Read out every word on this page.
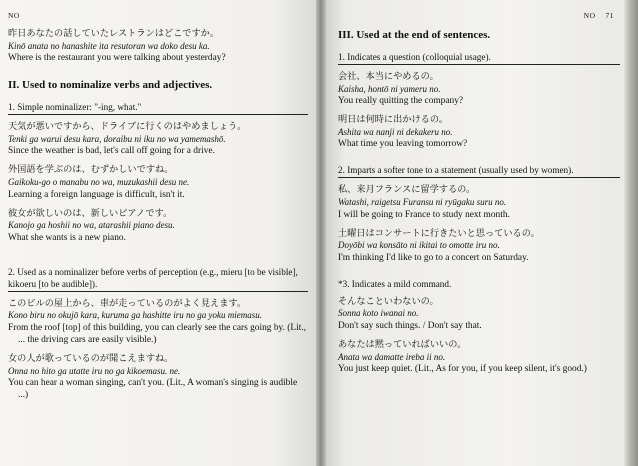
NO
昨日あなたの話していたレストランはどこですか。
Kinō anata no hanashite ita resutoran wa doko desu ka.
Where is the restaurant you were talking about yesterday?
II. Used to nominalize verbs and adjectives.
1. Simple nominalizer: "-ing, what."
天気が悪いですから、ドライブに行くのはやめましょう。
Tenki ga warui desu kara, doraibu ni iku no wa yamemashō.
Since the weather is bad, let's call off going for a drive.
外国語を学ぶのは、むずかしいですね。
Gaikoku-go o manabu no wa, muzukashii desu ne.
Learning a foreign language is difficult, isn't it.
彼女が欲しいのは、新しいピアノです。
Kanojo ga hoshii no wa, atarashii piano desu.
What she wants is a new piano.
2. Used as a nominalizer before verbs of perception (e.g., mieru [to be visible], kikoeru [to be audible]).
このビルの屋上から、車が走っているのがよく見えます。
Kono biru no okujō kara, kuruma ga hashitte iru no ga yoku miemasu.
From the roof [top] of this building, you can clearly see the cars going by. (Lit., ... the driving cars are easily visible.)
女の人が歌っているのが聞こえますね。
Onna no hito ga utatte iru no ga kikoemasu. ne.
You can hear a woman singing, can't you. (Lit., A woman's singing is audible ...)
NO 71
III. Used at the end of sentences.
1. Indicates a question (colloquial usage).
会社、本当にやめるの。
Kaisha, hontō ni yameru no.
You really quitting the company?
明日は何時に出かけるの。
Ashita wa nanji ni dekakeru no.
What time you leaving tomorrow?
2. Imparts a softer tone to a statement (usually used by women).
私、来月フランスに留学するの。
Watashi, raigetsu Furansu ni ryūgaku suru no.
I will be going to France to study next month.
土曜日はコンサートに行きたいと思っているの。
Doyōbi wa konsāto ni ikitai to omotte iru no.
I'm thinking I'd like to go to a concert on Saturday.
*3. Indicates a mild command.
そんなこといわないの。
Sonna koto iwanai no.
Don't say such things. / Don't say that.
あなたは黙っていればいいの。
Anata wa damatte ireba ii no.
You just keep quiet. (Lit., As for you, if you keep silent, it's good.)
